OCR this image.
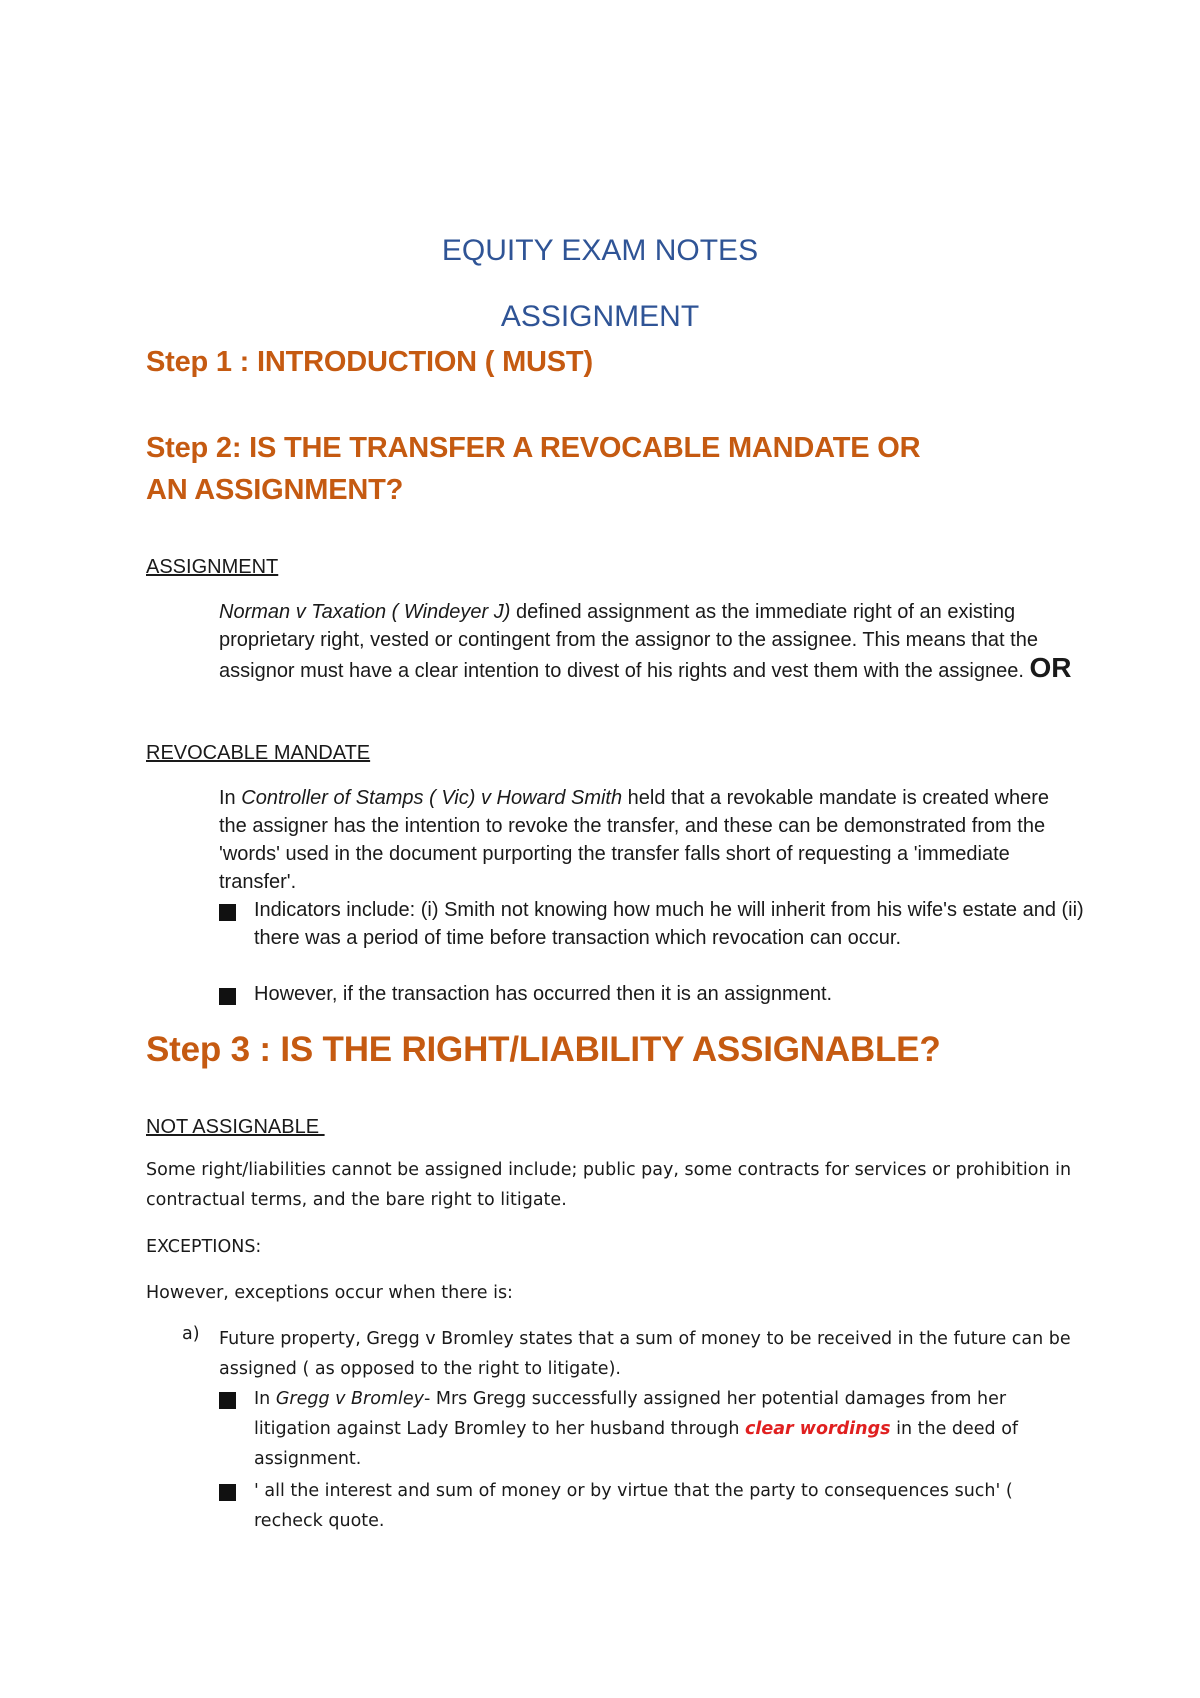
EQUITY EXAM NOTES
ASSIGNMENT
Step 1 : INTRODUCTION ( MUST)
Step 2: IS THE TRANSFER A REVOCABLE MANDATE OR
AN ASSIGNMENT?
ASSIGNMENT
Norman v Taxation ( Windeyer J) defined assignment as the immediate right of an existing proprietary right, vested or contingent from the assignor to the assignee. This means that the assignor must have a clear intention to divest of his rights and vest them with the assignee. OR
REVOCABLE MANDATE
In Controller of Stamps ( Vic) v Howard Smith held that a revokable mandate is created where the assigner has the intention to revoke the transfer, and these can be demonstrated from the 'words' used in the document purporting the transfer falls short of requesting a 'immediate transfer'.
Indicators include: (i) Smith not knowing how much he will inherit from his wife's estate and (ii) there was a period of time before transaction which revocation can occur.
However, if the transaction has occurred then it is an assignment.
Step 3 : IS THE RIGHT/LIABILITY ASSIGNABLE?
NOT ASSIGNABLE
Some right/liabilities cannot be assigned include; public pay, some contracts for services or prohibition in contractual terms, and the bare right to litigate.
EXCEPTIONS:
However, exceptions occur when there is:
a) Future property, Gregg v Bromley states that a sum of money to be received in the future can be assigned ( as opposed to the right to litigate).
In Gregg v Bromley- Mrs Gregg successfully assigned her potential damages from her litigation against Lady Bromley to her husband through clear wordings in the deed of assignment.
' all the interest and sum of money or by virtue that the party to consequences such' ( recheck quote.
